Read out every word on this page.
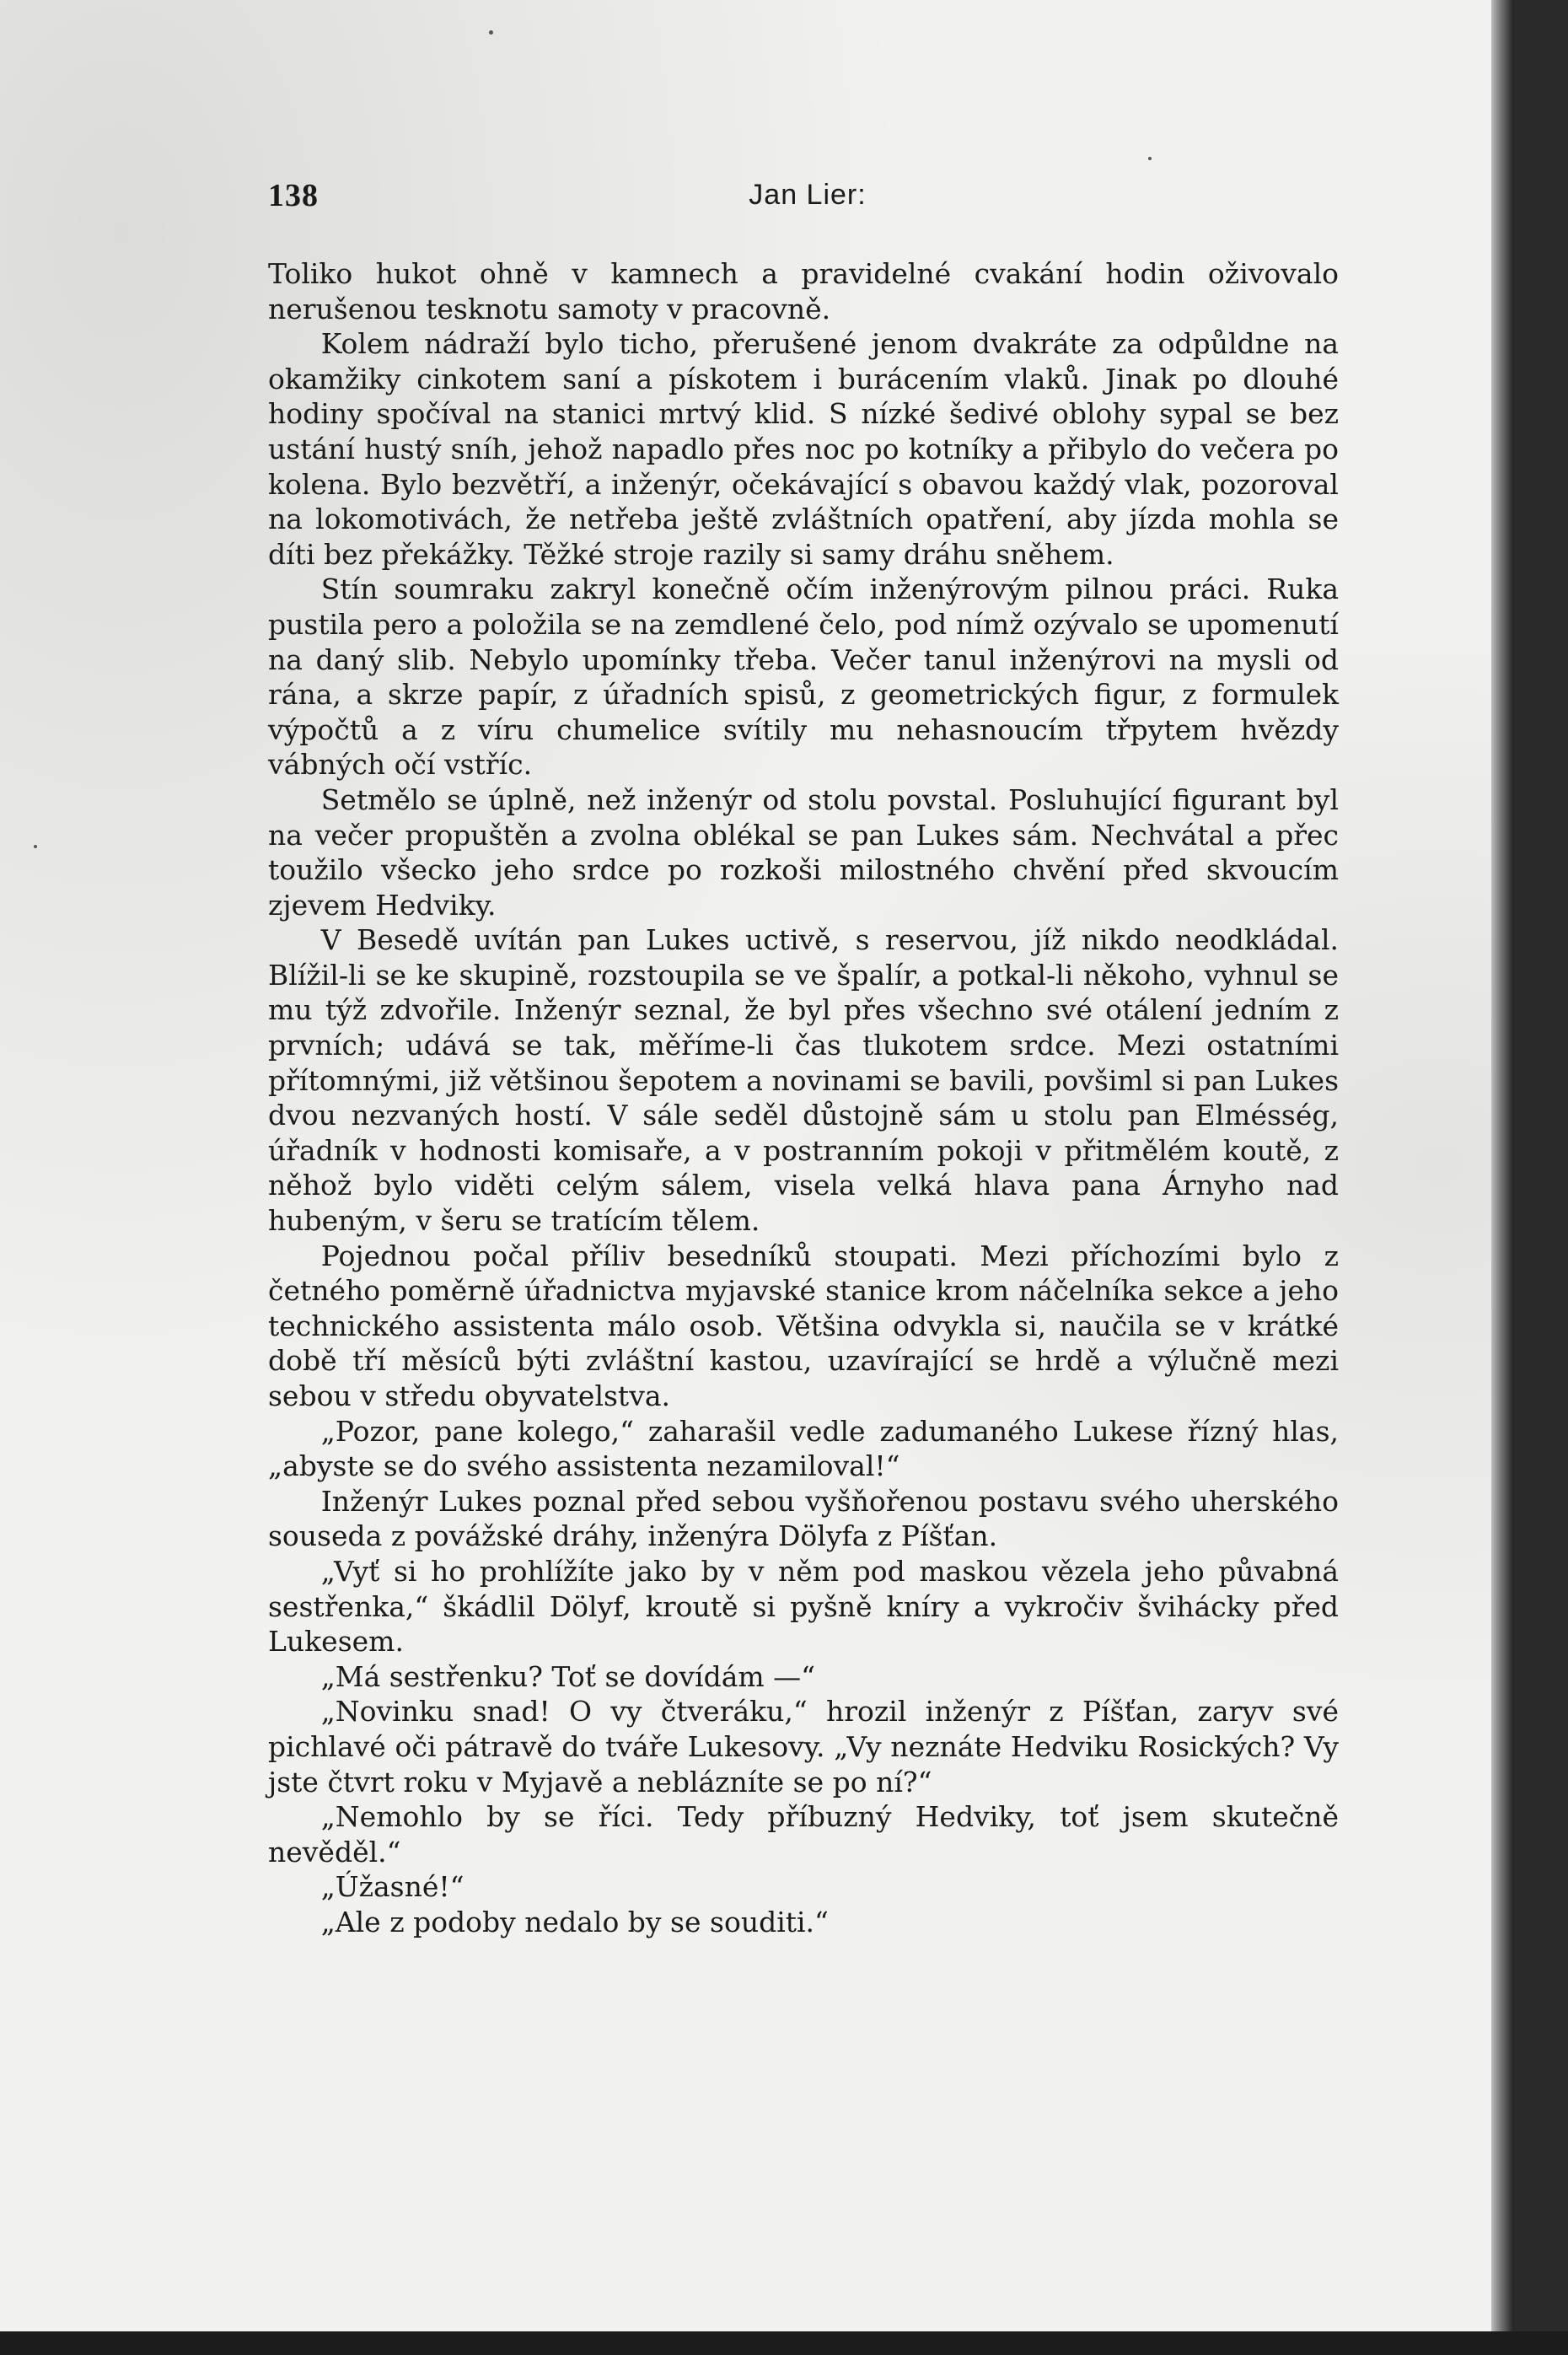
138	Jan Lier:

Toliko hukot ohně v kamnech a pravidelné cvakání hodin oživovalo nerušenou tesknotu samoty v pracovně.

Kolem nádraží bylo ticho, přerušené jenom dvakráte za odpůldne na okamžiky cinkotem saní a pískotem i burácením vlaků. Jinak po dlouhé hodiny spočíval na stanici mrtvý klid. S nízké šedivé oblohy sypal se bez ustání hustý sníh, jehož napadlo přes noc po kotníky a přibylo do večera po kolena. Bylo bezvětří, a inženýr, očekávající s obavou každý vlak, pozoroval na lokomotivách, že netřeba ještě zvláštních opatření, aby jízda mohla se díti bez překážky. Těžké stroje razily si samy dráhu sněhem.

Stín soumraku zakryl konečně očím inženýrovým pilnou práci. Ruka pustila pero a položila se na zemdlené čelo, pod nímž ozývalo se upomenutí na daný slib. Nebylo upomínky třeba. Večer tanul inženýrovi na mysli od rána, a skrze papír, z úřadních spisů, z geometrických figur, z formulek výpočtů a z víru chumelice svítily mu nehasnoucím třpytem hvězdy vábných očí vstříc.

Setmělo se úplně, než inženýr od stolu povstal. Posluhující figurant byl na večer propuštěn a zvolna oblékal se pan Lukes sám. Nechvátal a přec toužilo všecko jeho srdce po rozkoši milostného chvění před skvoucím zjevem Hedviky.

V Besedě uvítán pan Lukes uctivě, s reservou, jíž nikdo neodkládal. Blížil-li se ke skupině, rozstoupila se ve špalír, a potkal-li někoho, vyhnul se mu týž zdvořile. Inženýr seznal, že byl přes všechno své otálení jedním z prvních; udává se tak, měříme-li čas tlukotem srdce. Mezi ostatními přítomnými, již většinou šepotem a novinami se bavili, povšiml si pan Lukes dvou nezvaných hostí. V sále seděl důstojně sám u stolu pan Elmésség, úřadník v hodnosti komisaře, a v postranním pokoji v přitmělém koutě, z něhož bylo viděti celým sálem, visela velká hlava pana Árnyho nad hubeným, v šeru se tratícím tělem.

Pojednou počal příliv besedníků stoupati. Mezi příchozími bylo z četného poměrně úřadnictva myjavské stanice krom náčelníka sekce a jeho technického assistenta málo osob. Většina odvykla si, naučila se v krátké době tří měsíců býti zvláštní kastou, uzavírající se hrdě a výlučně mezi sebou v středu obyvatelstva.

„Pozor, pane kolego,“ zaharašil vedle zadumaného Lukese řízný hlas, „abyste se do svého assistenta nezamiloval!“

Inženýr Lukes poznal před sebou vyšňořenou postavu svého uherského souseda z povážské dráhy, inženýra Dölyfa z Píšťan.

„Vyť si ho prohlížíte jako by v něm pod maskou vězela jeho půvabná sestřenka,“ škádlil Dölyf, kroutě si pyšně kníry a vykročiv švihácky před Lukesem.

„Má sestřenku? Toť se dovídám —“

„Novinku snad! O vy čtveráku,“ hrozil inženýr z Píšťan, zaryv své pichlavé oči pátravě do tváře Lukesovy. „Vy neznáte Hedviku Rosických? Vy jste čtvrt roku v Myjavě a neblázníte se po ní?“

„Nemohlo by se říci. Tedy příbuzný Hedviky, toť jsem skutečně nevěděl.“

„Úžasné!“

„Ale z podoby nedalo by se souditi.“
